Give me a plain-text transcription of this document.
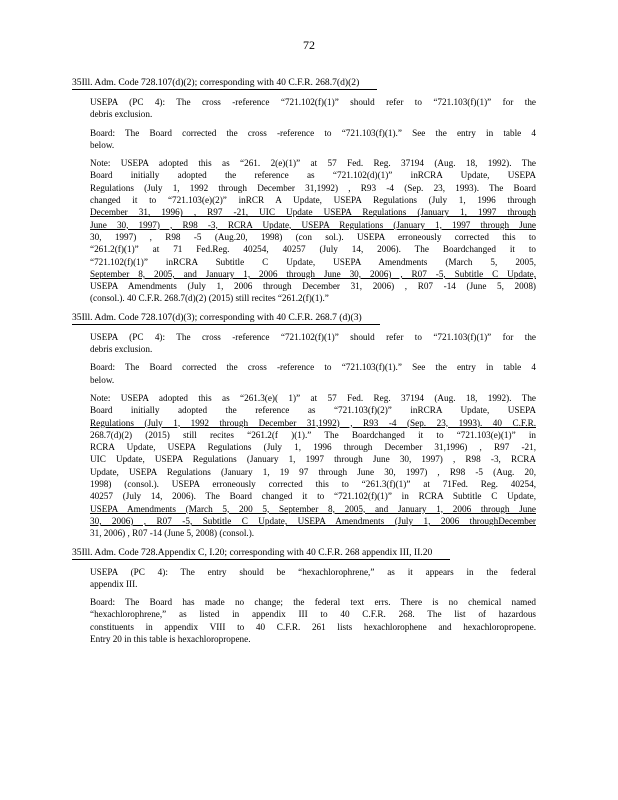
72
35Ill. Adm. Code 728.107(d)(2); corresponding with 40 C.F.R. 268.7(d)(2)
USEPA (PC 4): The cross -reference “721.102(f)(1)” should refer to “721.103(f)(1)” for the
debris exclusion.
Board: The Board corrected the cross -reference to “721.103(f)(1).” See the entry in table 4
below.
Note: USEPA adopted this as “261. 2(e)(1)” at 57 Fed. Reg. 37194 (Aug. 18, 1992). The
Board initially adopted the reference as “721.102(d)(1)” inRCRA Update, USEPA
Regulations (July 1, 1992 through December 31,1992) , R93 -4 (Sep. 23, 1993). The Board
changed it to “721.103(e)(2)” inRCR A Update, USEPA Regulations (July 1, 1996 through
December 31, 1996) , R97 -21, UIC Update USEPA Regulations (January 1, 1997 through
June 30, 1997) , R98 -3, RCRA Update, USEPA Regulations (January 1, 1997 through June
30, 1997) , R98 -5 (Aug.20, 1998) (con sol.). USEPA erroneously corrected this to
“261.2(f)(1)” at 71 Fed.Reg. 40254, 40257 (July 14, 2006). The Boardchanged it to
“721.102(f)(1)” inRCRA Subtitle C Update, USEPA Amendments (March 5, 2005,
September 8, 2005, and January 1, 2006 through June 30, 2006) , R07 -5, Subtitle C Update,
USEPA Amendments (July 1, 2006 through December 31, 2006) , R07 -14 (June 5, 2008)
(consol.). 40 C.F.R. 268.7(d)(2) (2015) still recites “261.2(f)(1).”
35Ill. Adm. Code 728.107(d)(3); corresponding with 40 C.F.R. 268.7 (d)(3)
USEPA (PC 4): The cross -reference “721.102(f)(1)” should refer to “721.103(f)(1)” for the
debris exclusion.
Board: The Board corrected the cross -reference to “721.103(f)(1).” See the entry in table 4
below.
Note: USEPA adopted this as “261.3(e)( 1)” at 57 Fed. Reg. 37194 (Aug. 18, 1992). The
Board initially adopted the reference as “721.103(f)(2)” inRCRA Update, USEPA
Regulations (July 1, 1992 through December 31,1992) , R93 -4 (Sep. 23, 1993). 40 C.F.R.
268.7(d)(2) (2015) still recites “261.2(f )(1).” The Boardchanged it to “721.103(e)(1)” in
RCRA Update, USEPA Regulations (July 1, 1996 through December 31,1996) , R97 -21,
UIC Update, USEPA Regulations (January 1, 1997 through June 30, 1997) , R98 -3, RCRA
Update, USEPA Regulations (January 1, 19 97 through June 30, 1997) , R98 -5 (Aug. 20,
1998) (consol.). USEPA erroneously corrected this to “261.3(f)(1)” at 71Fed. Reg. 40254,
40257 (July 14, 2006). The Board changed it to “721.102(f)(1)” in RCRA Subtitle C Update,
USEPA Amendments (March 5, 200 5, September 8, 2005, and January 1, 2006 through June
30, 2006) , R07 -5, Subtitle C Update, USEPA Amendments (July 1, 2006 throughDecember
31, 2006) , R07 -14 (June 5, 2008) (consol.).
35Ill. Adm. Code 728.Appendix C, I.20; corresponding with 40 C.F.R. 268 appendix III, II.20
USEPA (PC 4): The entry should be “hexachlorophrene,” as it appears in the federal
appendix III.
Board: The Board has made no change; the federal text errs. There is no chemical named
“hexachlorophrene,” as listed in appendix III to 40 C.F.R. 268. The list of hazardous
constituents in appendix VIII to 40 C.F.R. 261 lists hexachlorophene and hexachloropropene.
Entry 20 in this table is hexachloropropene.
